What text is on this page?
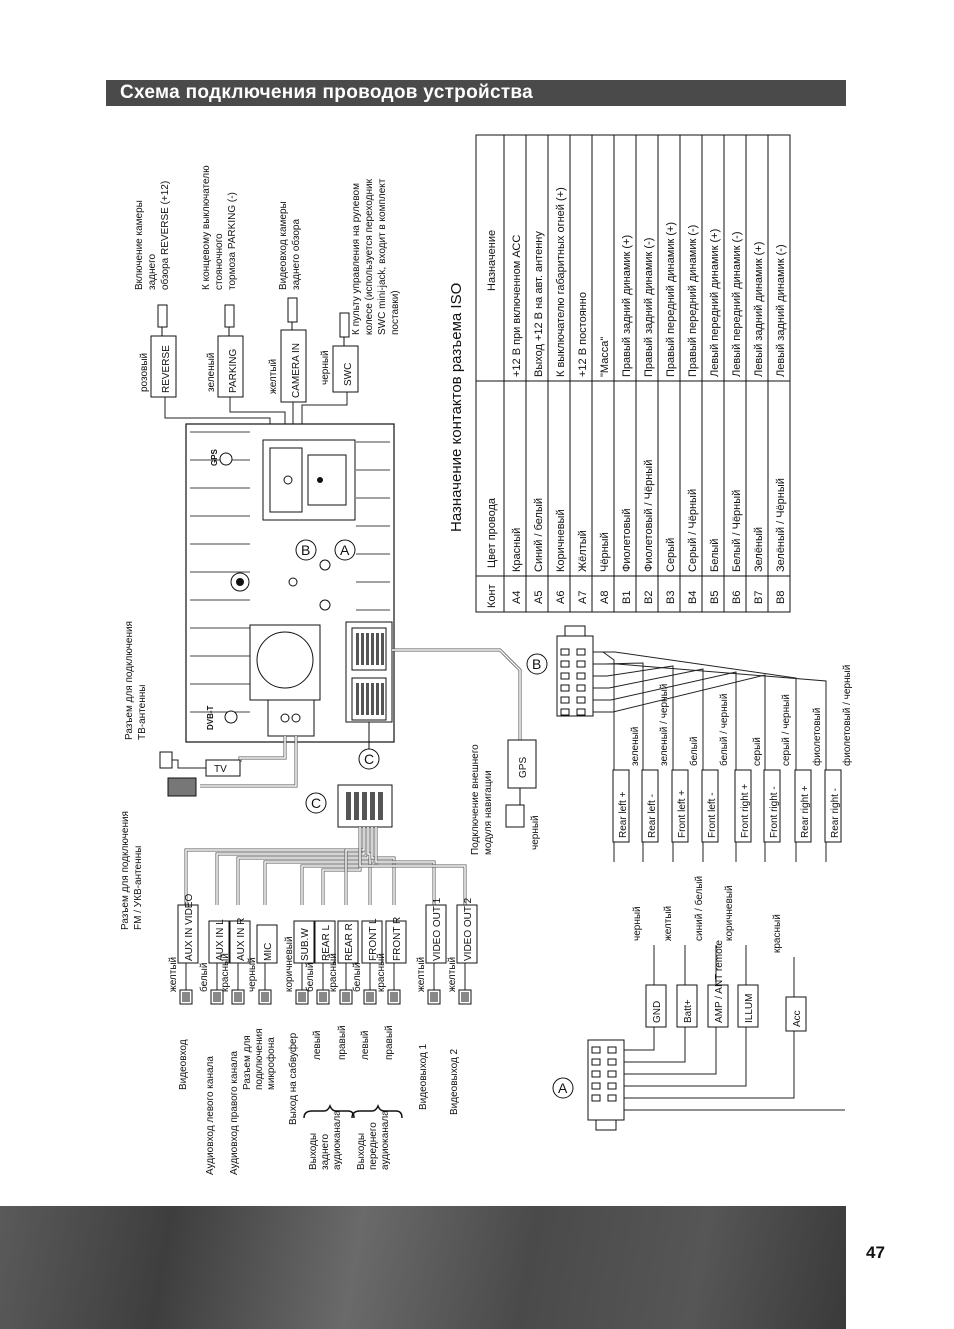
Схема подключения проводов устройства
REVERSE
розовый
Включение камеры заднего обзора REVERSE (+12)
PARKING
зеленый
К концевому выключателю стояночного тормоза PARKING (-)
CAMERA IN
желтый
Видеовход камеры заднего обзора
SWC
черный
К пульту управления на рулевом колесе (используется переходник SWC mini-jack, входит в комплект поставки)
GPS
DVB-T
B A
C
TV
Разъем для подключения ТВ-антенны
Разъем для подключения FM / УКВ-антенны
GPS
черный
Подключение внешнего модуля навигации
Назначение контактов разъема ISO
Конт
Цвет провода
Назначение
A4
Красный
+12 В при включенном АСС
A5
Синий / белый
Выход +12 В на авт. антенну
A6
Коричневый
К выключателю габаритных огней (+)
A7
Жёлтый
+12 В постоянно
A8
Чёрный
"Масса"
B1
Фиолетовый
Правый задний динамик (+)
B2
Фиолетовый / Чёрный
Правый задний динамик (-)
B3
Серый
Правый передний динамик (+)
B4
Серый / Чёрный
Правый передний динамик (-)
B5
Белый
Левый передний динамик (+)
B6
Белый / Чёрный
Левый передний динамик (-)
B7
Зелёный
Левый задний динамик (+)
B8
Зелёный / Чёрный
Левый задний динамик (-)
B
Rear left +
зеленый
Rear left -
зеленый / черный
Front left +
белый
Front left -
белый / черный
Front right +
серый
Front right -
серый / черный
Rear right +
фиолетовый
Rear right -
фиолетовый / черный
A
GND
черный
Batt+
желтый
AMP / ANT remote
синий / белый
ILLUM
коричневый
Acc
красный
C
AUX IN VIDEO
желтый
AUX IN L
белый
AUX IN R
красный
MIC
черный
SUB.W
коричневый	REAR L
белый
REAR R
красный
FRONT L
белый
FRONT R
красный
VIDEO OUT 1
желтый
VIDEO OUT 2
желтый
Видеовход Аудиовход левого канала Аудиовход правого канала Разъем для подключения микрофона Выход на сабвуфер левый правый
Выходы заднего аудиоканала
левый правый
Выходы переднего аудиоканала
Видеовыход 1 Видеовыход 2
47
